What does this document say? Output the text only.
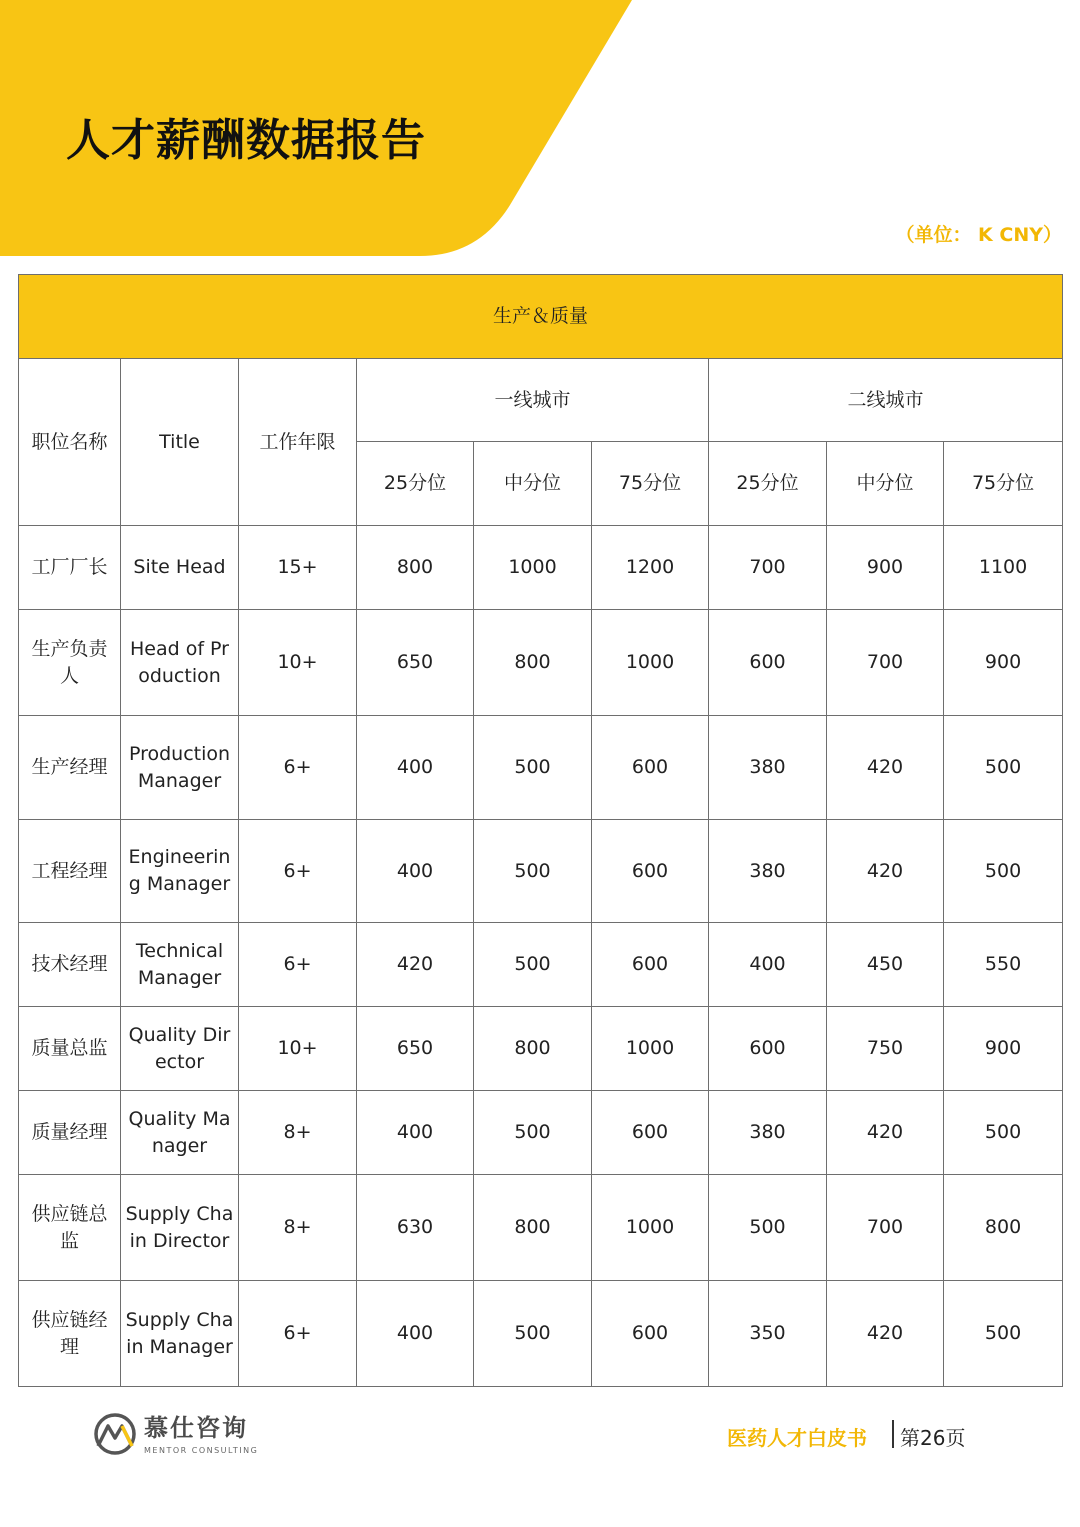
人才薪酬数据报告
（单位： K CNY）
生产＆质量								
职位名称	Title	工作年限	一线城市			二线城市		
			25分位	中分位	75分位	25分位	中分位	75分位
工厂厂长	Site Head	15+	800	1000	1200	700	900	1100
生产负责人	Head of Production	10+	650	800	1000	600	700	900
生产经理	Production Manager	6+	400	500	600	380	420	500
工程经理	Engineering Manager	6+	400	500	600	380	420	500
技术经理	Technical Manager	6+	420	500	600	400	450	550
质量总监	Quality Director	10+	650	800	1000	600	750	900
质量经理	Quality Manager	8+	400	500	600	380	420	500
供应链总监	Supply Chain Director	8+	630	800	1000	500	700	800
供应链经理	Supply Chain Manager	6+	400	500	600	350	420	500
慕仕咨询
MENTOR CONSULTING
医药人才白皮书 第26页
